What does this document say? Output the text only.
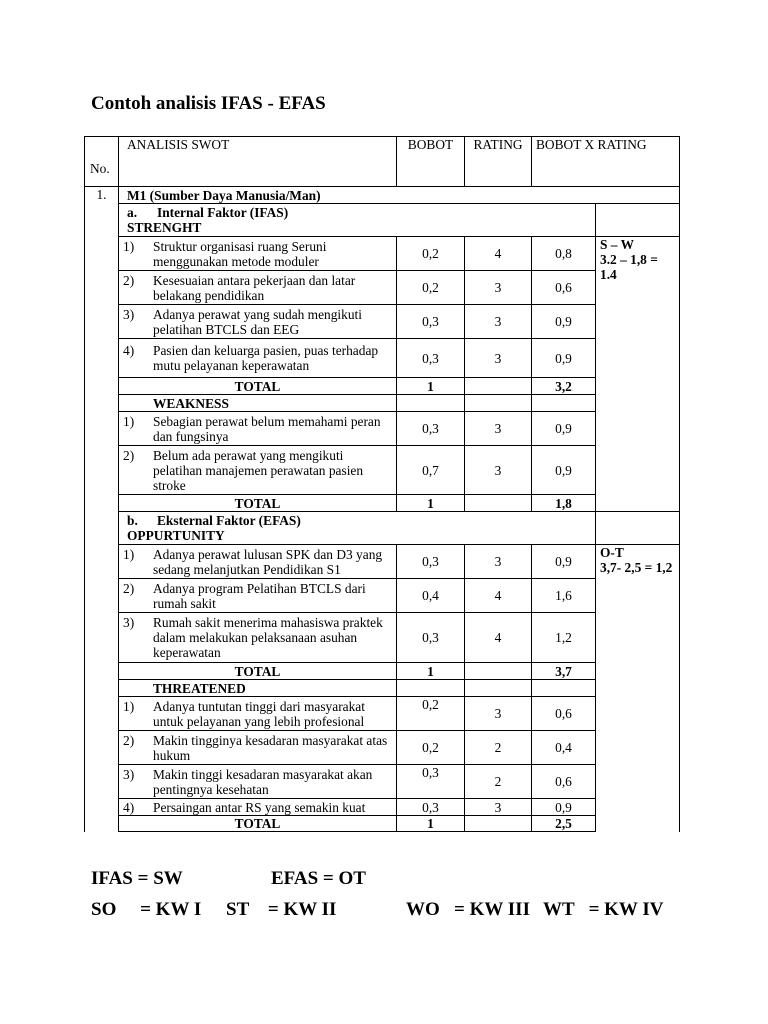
Contoh analisis IFAS - EFAS
No.	ANALISIS SWOT	BOBOT	RATING	BOBOT X RATING	
1.	M1 (Sumber Daya Manusia/Man)				
	a. Internal Faktor (IFAS)
STRENGHT				

	1) Struktur organisasi ruang Seruni menggunakan metode moduler	0,2	4	0,8	S – W
3.2 – 1,8 = 1.4

	2) Kesesuaian antara pekerjaan dan latar belakang pendidikan	0,2	3	0,6	

	3) Adanya perawat yang sudah mengikuti pelatihan BTCLS dan EEG	0,3	3	0,9	

	4) Pasien dan keluarga pasien, puas terhadap mutu pelayanan keperawatan	0,3	3	0,9	
	TOTAL	1		3,2	
	WEAKNESS				

	1) Sebagian perawat belum memahami peran dan fungsinya	0,3	3	0,9	

	2) Belum ada perawat yang mengikuti pelatihan manajemen perawatan pasien stroke	0,7	3	0,9	
	TOTAL	1		1,8	
	b. Eksternal Faktor (EFAS)
OPPURTUNITY				

	1) Adanya perawat lulusan SPK dan D3 yang sedang melanjutkan Pendidikan S1	0,3	3	0,9	O-T
3,7- 2,5 = 1,2

	2) Adanya program Pelatihan BTCLS dari rumah sakit	0,4	4	1,6	

	3) Rumah sakit menerima mahasiswa praktek dalam melakukan pelaksanaan asuhan keperawatan	0,3	4	1,2	
	TOTAL	1		3,7	
	THREATENED				

	1) Adanya tuntutan tinggi dari masyarakat untuk pelayanan yang lebih profesional	0,2	3	0,6	

	2) Makin tingginya kesadaran masyarakat atas hukum	0,2	2	0,4	

	3) Makin tinggi kesadaran masyarakat akan pentingnya kesehatan	0,3	2	0,6	

	4) Persaingan antar RS yang semakin kuat	0,3	3	0,9	
	TOTAL	1		2,5	
IFAS = SW	EFAS = OT
SO     = KW I ST    = KW II	WO   = KW III WT   = KW IV
